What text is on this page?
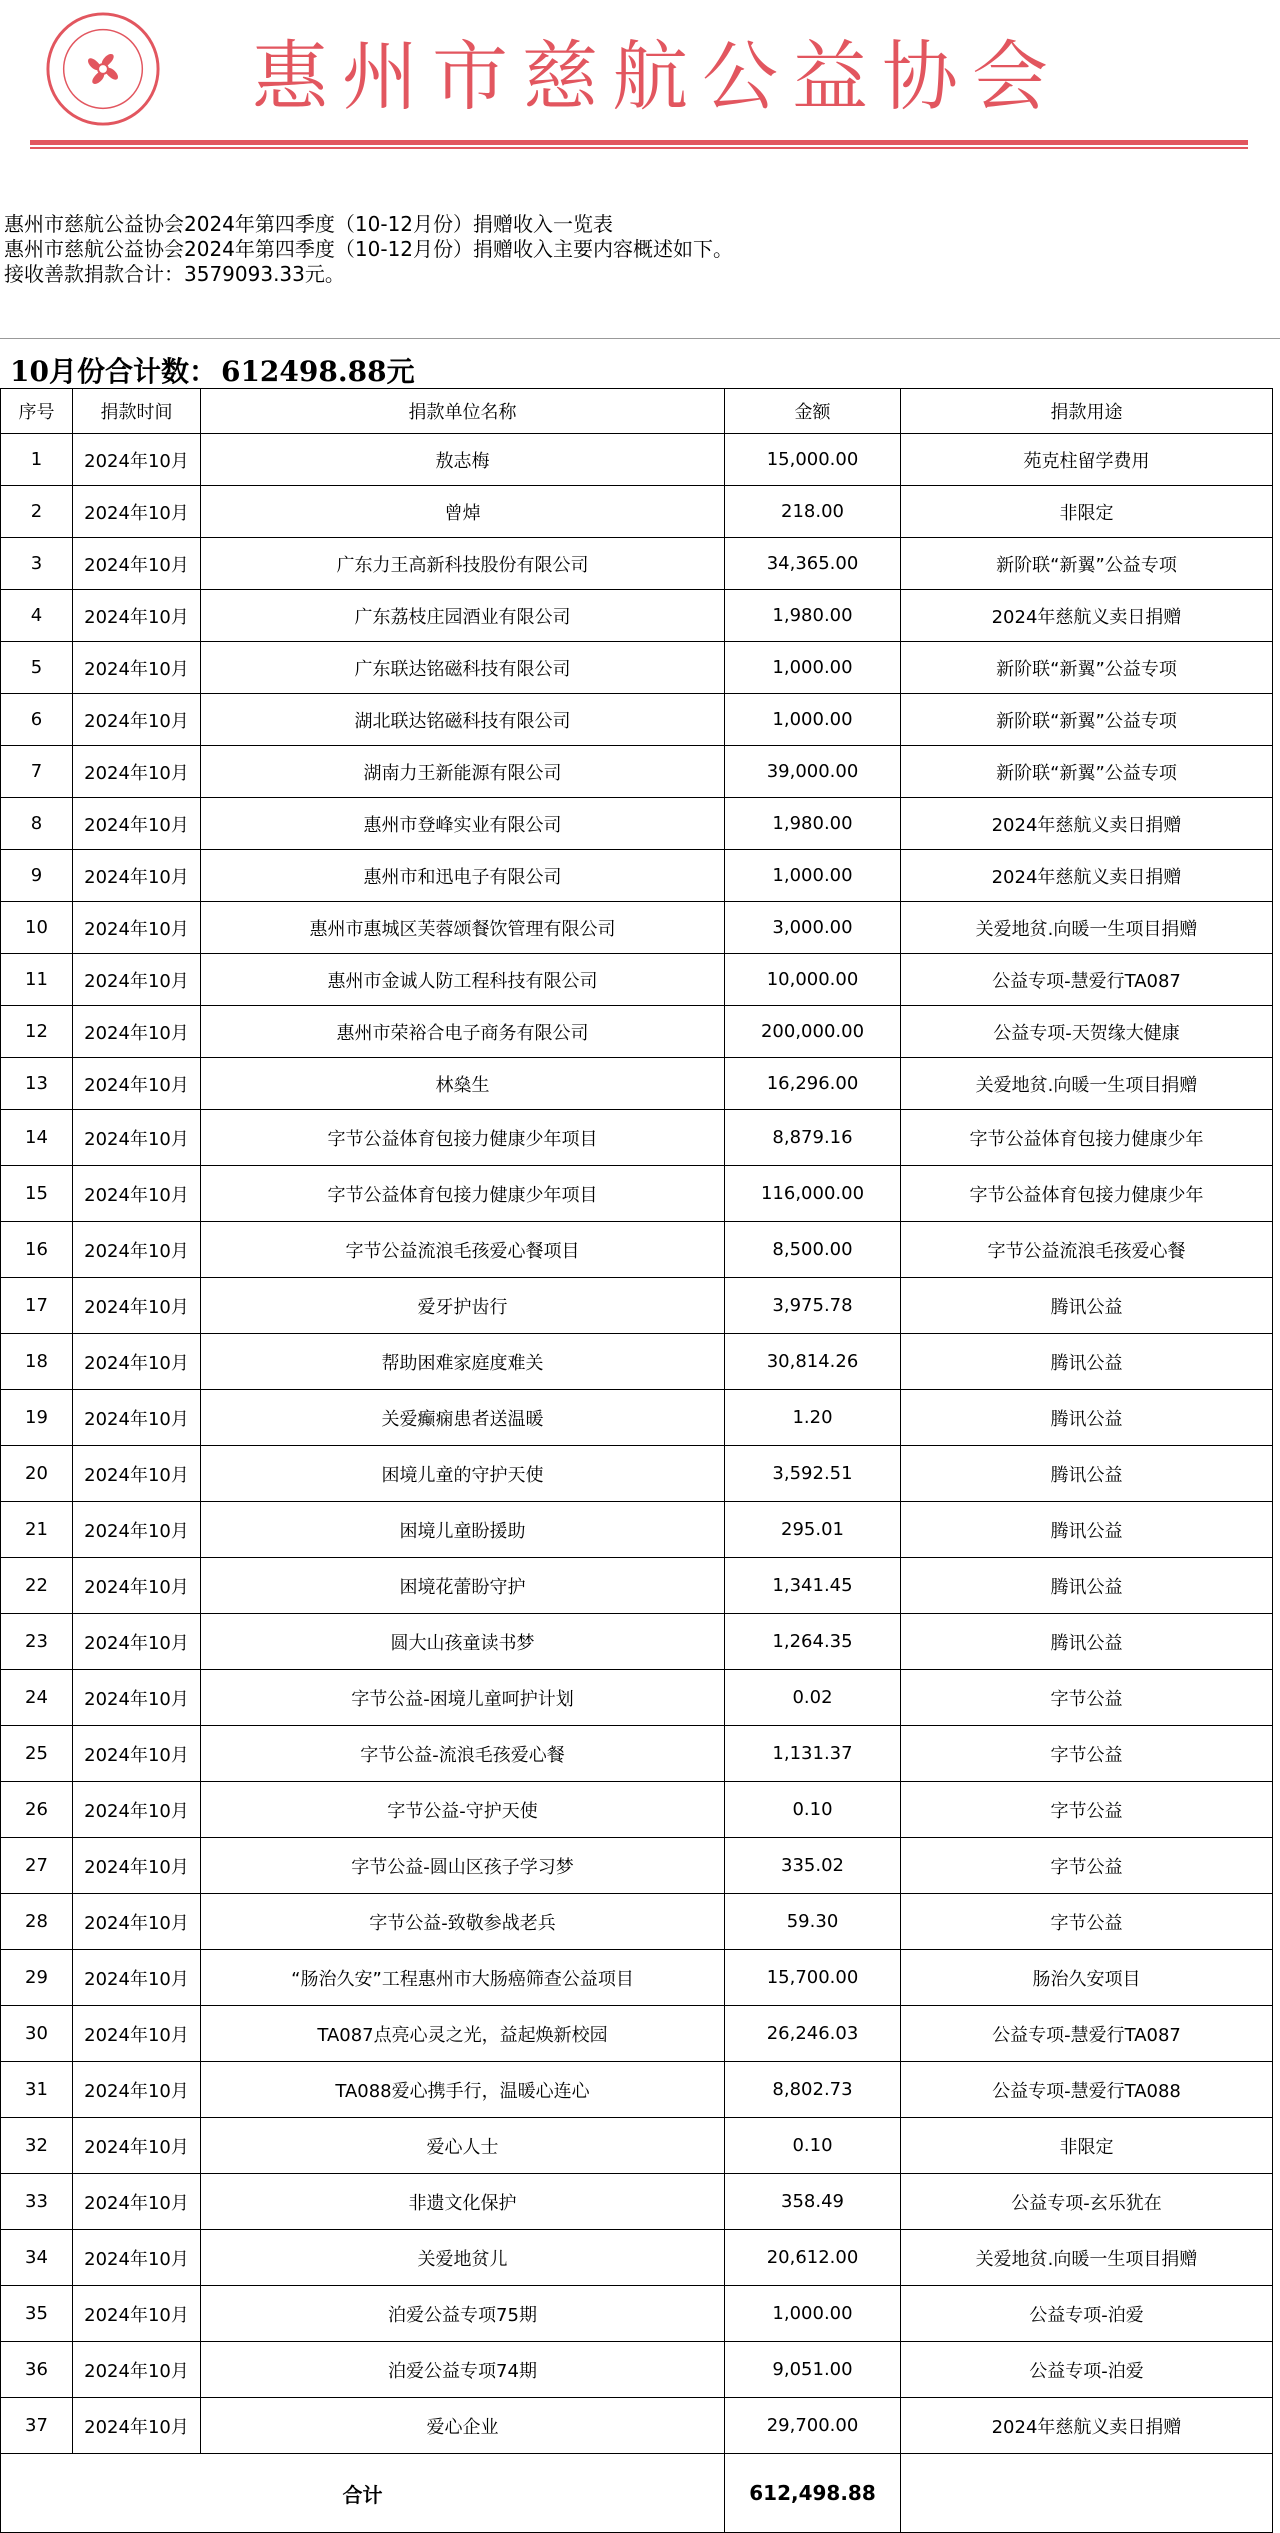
惠州市慈航公益协会
惠州市慈航公益协会2024年第四季度（10-12月份）捐赠收入一览表
惠州市慈航公益协会2024年第四季度（10-12月份）捐赠收入主要内容概述如下。
接收善款捐款合计：3579093.33元。
10月份合计数： 612498.88元
序号	捐款时间	捐款单位名称	金额	捐款用途
1	2024年10月	敖志梅	15,000.00	苑克柱留学费用
2	2024年10月	曾焯	218.00	非限定
3	2024年10月	广东力王高新科技股份有限公司	34,365.00	新阶联“新翼”公益专项
4	2024年10月	广东荔枝庄园酒业有限公司	1,980.00	2024年慈航义卖日捐赠
5	2024年10月	广东联达铭磁科技有限公司	1,000.00	新阶联“新翼”公益专项
6	2024年10月	湖北联达铭磁科技有限公司	1,000.00	新阶联“新翼”公益专项
7	2024年10月	湖南力王新能源有限公司	39,000.00	新阶联“新翼”公益专项
8	2024年10月	惠州市登峰实业有限公司	1,980.00	2024年慈航义卖日捐赠
9	2024年10月	惠州市和迅电子有限公司	1,000.00	2024年慈航义卖日捐赠
10	2024年10月	惠州市惠城区芙蓉颂餐饮管理有限公司	3,000.00	关爱地贫.向暖一生项目捐赠
11	2024年10月	惠州市金诚人防工程科技有限公司	10,000.00	公益专项-慧爱行TA087
12	2024年10月	惠州市荣裕合电子商务有限公司	200,000.00	公益专项-天贺缘大健康
13	2024年10月	林燊生	16,296.00	关爱地贫.向暖一生项目捐赠
14	2024年10月	字节公益体育包接力健康少年项目	8,879.16	字节公益体育包接力健康少年
15	2024年10月	字节公益体育包接力健康少年项目	116,000.00	字节公益体育包接力健康少年
16	2024年10月	字节公益流浪毛孩爱心餐项目	8,500.00	字节公益流浪毛孩爱心餐
17	2024年10月	爱牙护齿行	3,975.78	腾讯公益
18	2024年10月	帮助困难家庭度难关	30,814.26	腾讯公益
19	2024年10月	关爱癫痫患者送温暖	1.20	腾讯公益
20	2024年10月	困境儿童的守护天使	3,592.51	腾讯公益
21	2024年10月	困境儿童盼援助	295.01	腾讯公益
22	2024年10月	困境花蕾盼守护	1,341.45	腾讯公益
23	2024年10月	圆大山孩童读书梦	1,264.35	腾讯公益
24	2024年10月	字节公益-困境儿童呵护计划	0.02	字节公益
25	2024年10月	字节公益-流浪毛孩爱心餐	1,131.37	字节公益
26	2024年10月	字节公益-守护天使	0.10	字节公益
27	2024年10月	字节公益-圆山区孩子学习梦	335.02	字节公益
28	2024年10月	字节公益-致敬参战老兵	59.30	字节公益
29	2024年10月	“肠治久安”工程惠州市大肠癌筛查公益项目	15,700.00	肠治久安项目
30	2024年10月	TA087点亮心灵之光，益起焕新校园	26,246.03	公益专项-慧爱行TA087
31	2024年10月	TA088爱心携手行，温暖心连心	8,802.73	公益专项-慧爱行TA088
32	2024年10月	爱心人士	0.10	非限定
33	2024年10月	非遗文化保护	358.49	公益专项-玄乐犹在
34	2024年10月	关爱地贫儿	20,612.00	关爱地贫.向暖一生项目捐赠
35	2024年10月	泊爱公益专项75期	1,000.00	公益专项-泊爱
36	2024年10月	泊爱公益专项74期	9,051.00	公益专项-泊爱
37	2024年10月	爱心企业	29,700.00	2024年慈航义卖日捐赠
合计			612,498.88	
